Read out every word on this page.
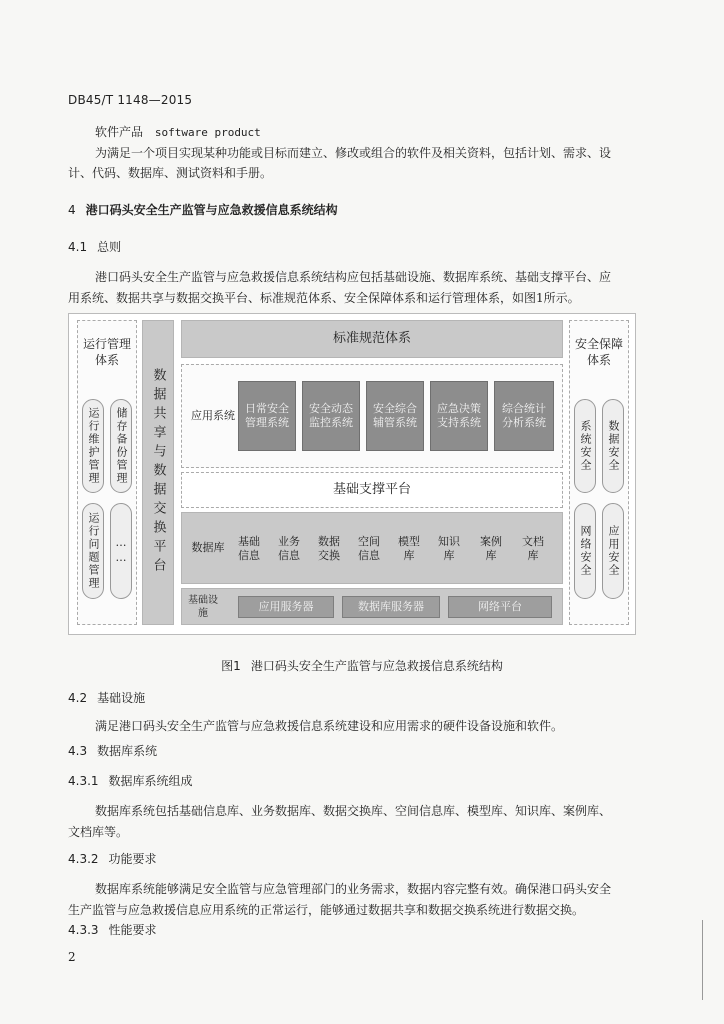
DB45/T 1148—2015
软件产品 software product
为满足一个项目实现某种功能或目标而建立、修改或组合的软件及相关资料，包括计划、需求、设
计、代码、数据库、测试资料和手册。
4 港口码头安全生产监管与应急救援信息系统结构
4.1 总则
港口码头安全生产监管与应急救援信息系统结构应包括基础设施、数据库系统、基础支撑平台、应
用系统、数据共享与数据交换平台、标准规范体系、安全保障体系和运行管理体系，如图1所示。
运行管理体系
运行维护管理	储存备份管理
运行问题管理	……	数据共享与数据交换平台
标准规范体系
应用系统 日常安全管理系统
安全动态监控系统
安全综合辅管系统
应急决策支持系统
综合统计分析系统
基础支撑平台
数据库	基础信息
业务信息
数据交换
空间信息
模型库
知识库
案例库
文档库
基础设施
应用服务器	数据库服务器	网络平台
安全保障体系
系统安全	数据安全
网络安全	应用安全
图1 港口码头安全生产监管与应急救援信息系统结构
4.2 基础设施
满足港口码头安全生产监管与应急救援信息系统建设和应用需求的硬件设备设施和软件。
4.3 数据库系统
4.3.1 数据库系统组成
数据库系统包括基础信息库、业务数据库、数据交换库、空间信息库、模型库、知识库、案例库、
文档库等。
4.3.2 功能要求
数据库系统能够满足安全监管与应急管理部门的业务需求，数据内容完整有效。确保港口码头安全
生产监管与应急救援信息应用系统的正常运行，能够通过数据共享和数据交换系统进行数据交换。
4.3.3 性能要求
2
